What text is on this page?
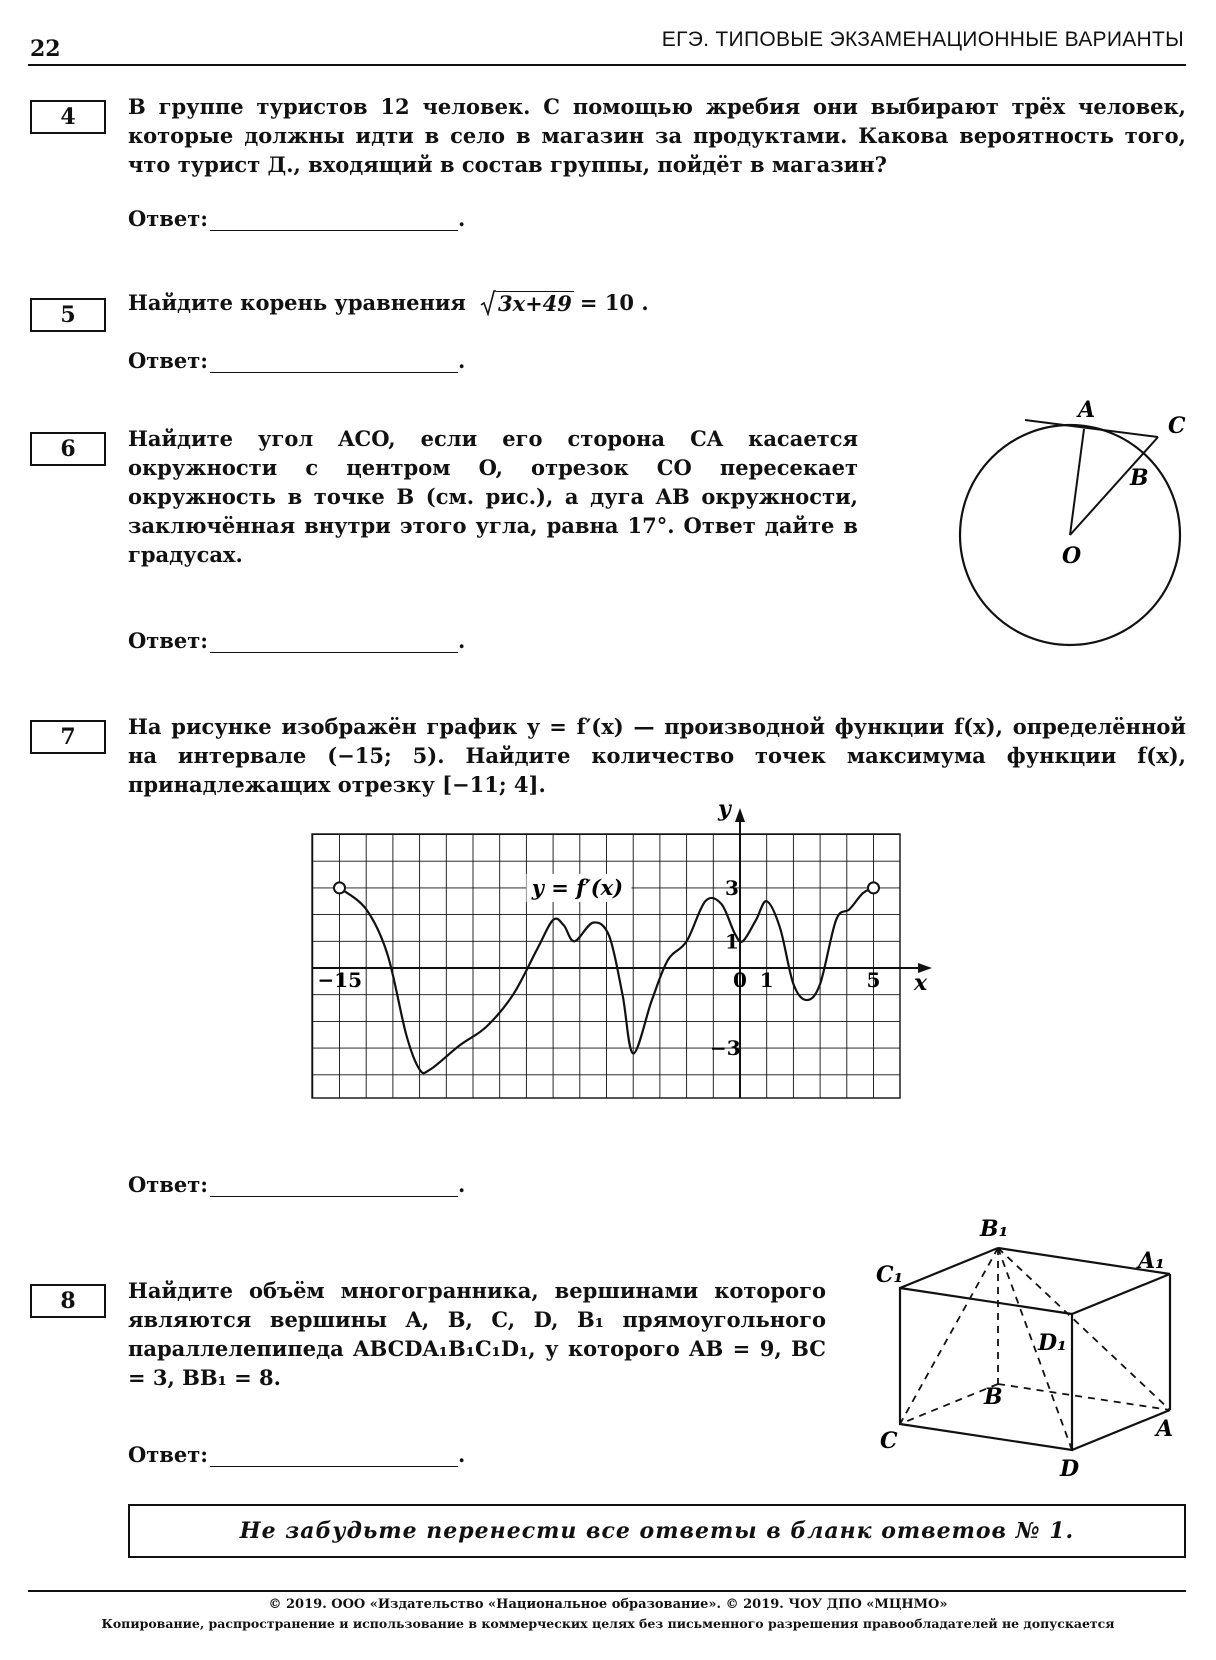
22	ЕГЭ. ТИПОВЫЕ ЭКЗАМЕНАЦИОННЫЕ ВАРИАНТЫ
4	В группе туристов 12 человек. С помощью жребия они выбирают трёх человек, которые должны идти в село в магазин за продуктами. Какова вероятность того, что турист Д., входящий в состав группы, пойдёт в магазин?
Ответ:	.
5	Найдите корень уравнения 3x+49 = 10 .
Ответ:	.
6	Найдите угол ACO, если его сторона CA касается окружности с центром O, отрезок CO пересекает окружность в точке B (см. рис.), а дуга AB окружности, заключённая внутри этого угла, равна 17°. Ответ дайте в градусах.
Ответ:	.
A
C
B
O
7	На рисунке изображён график y = f′(x) — производной функции f(x), определённой на интервале (−15; 5). Найдите количество точек максимума функции f(x), принадлежащих отрезку [−11; 4].
−15	0 1	5
3
1
−3
y = f′(x)
x
y
Ответ:	.
8	Найдите объём многогранника, вершинами которого являются вершины A, B, C, D, B₁ прямоугольного параллелепипеда ABCDA₁B₁C₁D₁, у которого AB = 9, BC = 3, BB₁ = 8.
Ответ:	.
B₁
C₁
A₁
D₁
B
C	A
D
Не забудьте перенести все ответы в бланк ответов № 1.
© 2019. ООО «Издательство «Национальное образование». © 2019. ЧОУ ДПО «МЦНМО»
Копирование, распространение и использование в коммерческих целях без письменного разрешения правообладателей не допускается
